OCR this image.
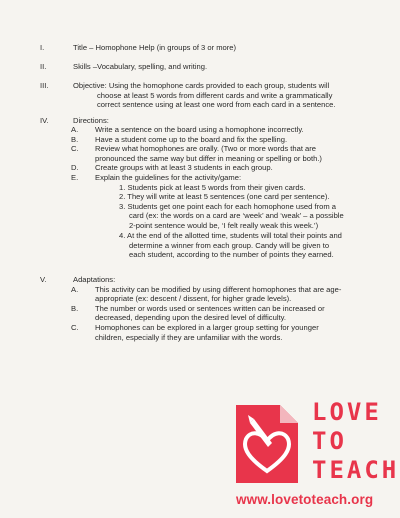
I.	Title – Homophone Help (in groups of 3 or more)
II.	Skills –Vocabulary, spelling, and writing.
III.	Objective: Using the homophone cards provided to each group, students will
choose at least 5 words from different cards and write a grammatically
correct sentence using at least one word from each card in a sentence.
IV.	Directions:
A.	Write a sentence on the board using a homophone incorrectly.
B.	Have a student come up to the board and fix the spelling.
C.	Review what homophones are orally. (Two or more words that are
pronounced the same way but differ in meaning or spelling or both.)
D.	Create groups with at least 3 students in each group.
E.	Explain the guidelines for the activity/game:
1. Students pick at least 5 words from their given cards.
2. They will write at least 5 sentences (one card per sentence).
3. Students get one point each for each homophone used from a
card (ex: the words on a card are ‘week’ and ‘weak’ – a possible
2-point sentence would be, ‘I felt really weak this week.’)
4. At the end of the allotted time, students will total their points and
determine a winner from each group. Candy will be given to
each student, according to the number of points they earned.
V.	Adaptations:
A.	This activity can be modified by using different homophones that are age-
appropriate (ex: descent / dissent, for higher grade levels).
B.	The number or words used or sentences written can be increased or
decreased, depending upon the desired level of difficulty.
C.	Homophones can be explored in a larger group setting for younger
children, especially if they are unfamiliar with the words.
LOVE
TO
TEACH
www.lovetoteach.org
